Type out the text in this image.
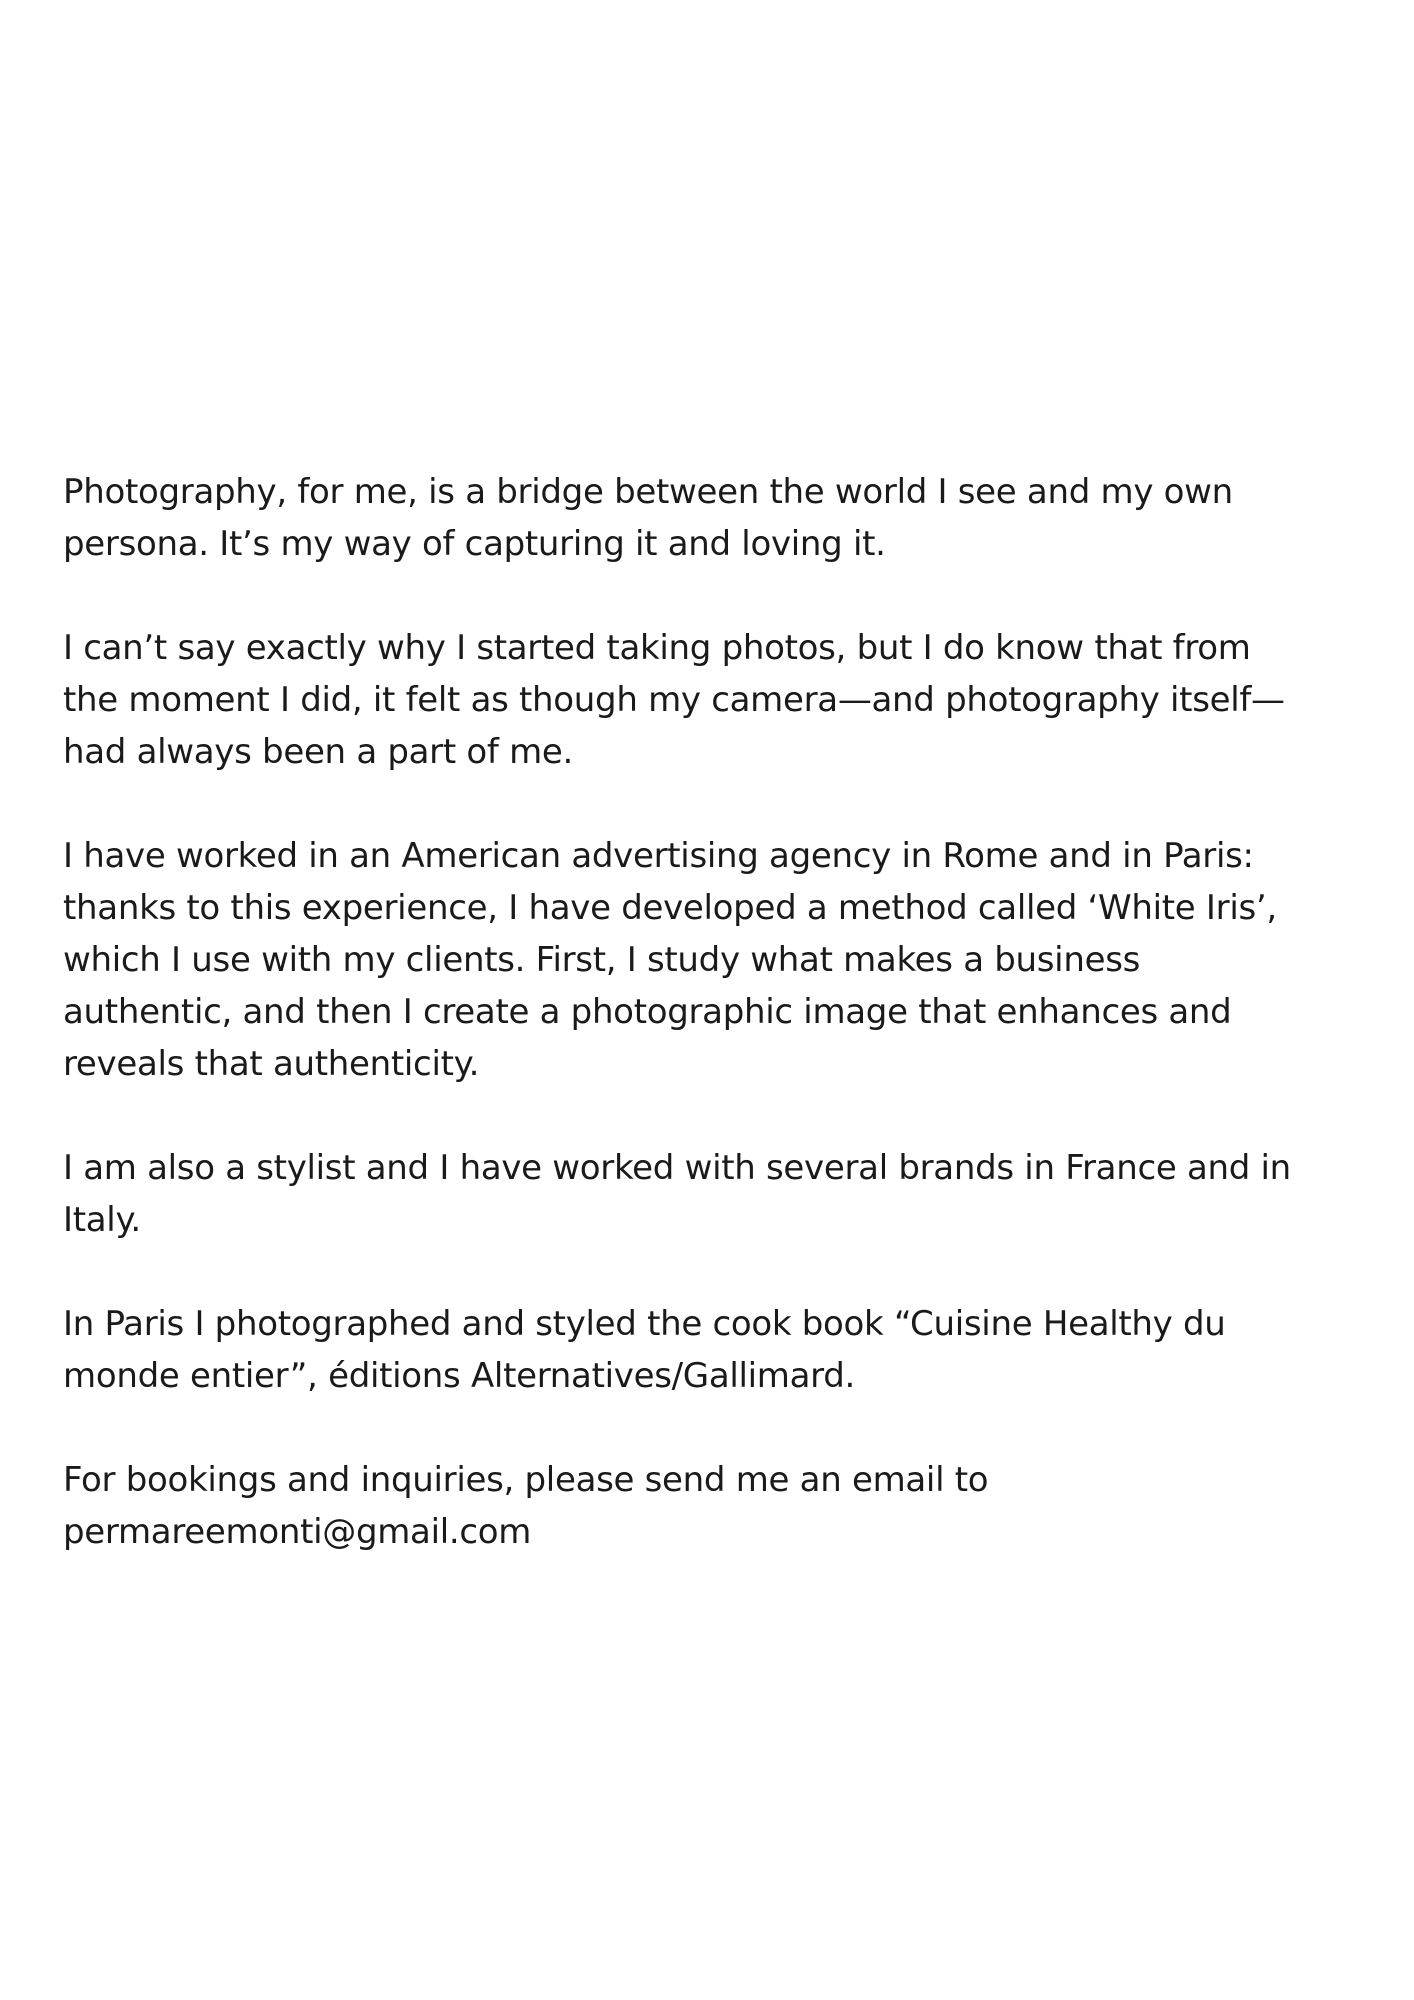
Photography, for me, is a bridge between the world I see and my own
persona. It’s my way of capturing it and loving it.

I can’t say exactly why I started taking photos, but I do know that from
the moment I did, it felt as though my camera—and photography itself—
had always been a part of me.

I have worked in an American advertising agency in Rome and in Paris:
thanks to this experience, I have developed a method called ‘White Iris’,
which I use with my clients. First, I study what makes a business
authentic, and then I create a photographic image that enhances and
reveals that authenticity.

I am also a stylist and I have worked with several brands in France and in
Italy.

In Paris I photographed and styled the cook book “Cuisine Healthy du
monde entier”, éditions Alternatives/Gallimard.

For bookings and inquiries, please send me an email to
permareemonti@gmail.com
